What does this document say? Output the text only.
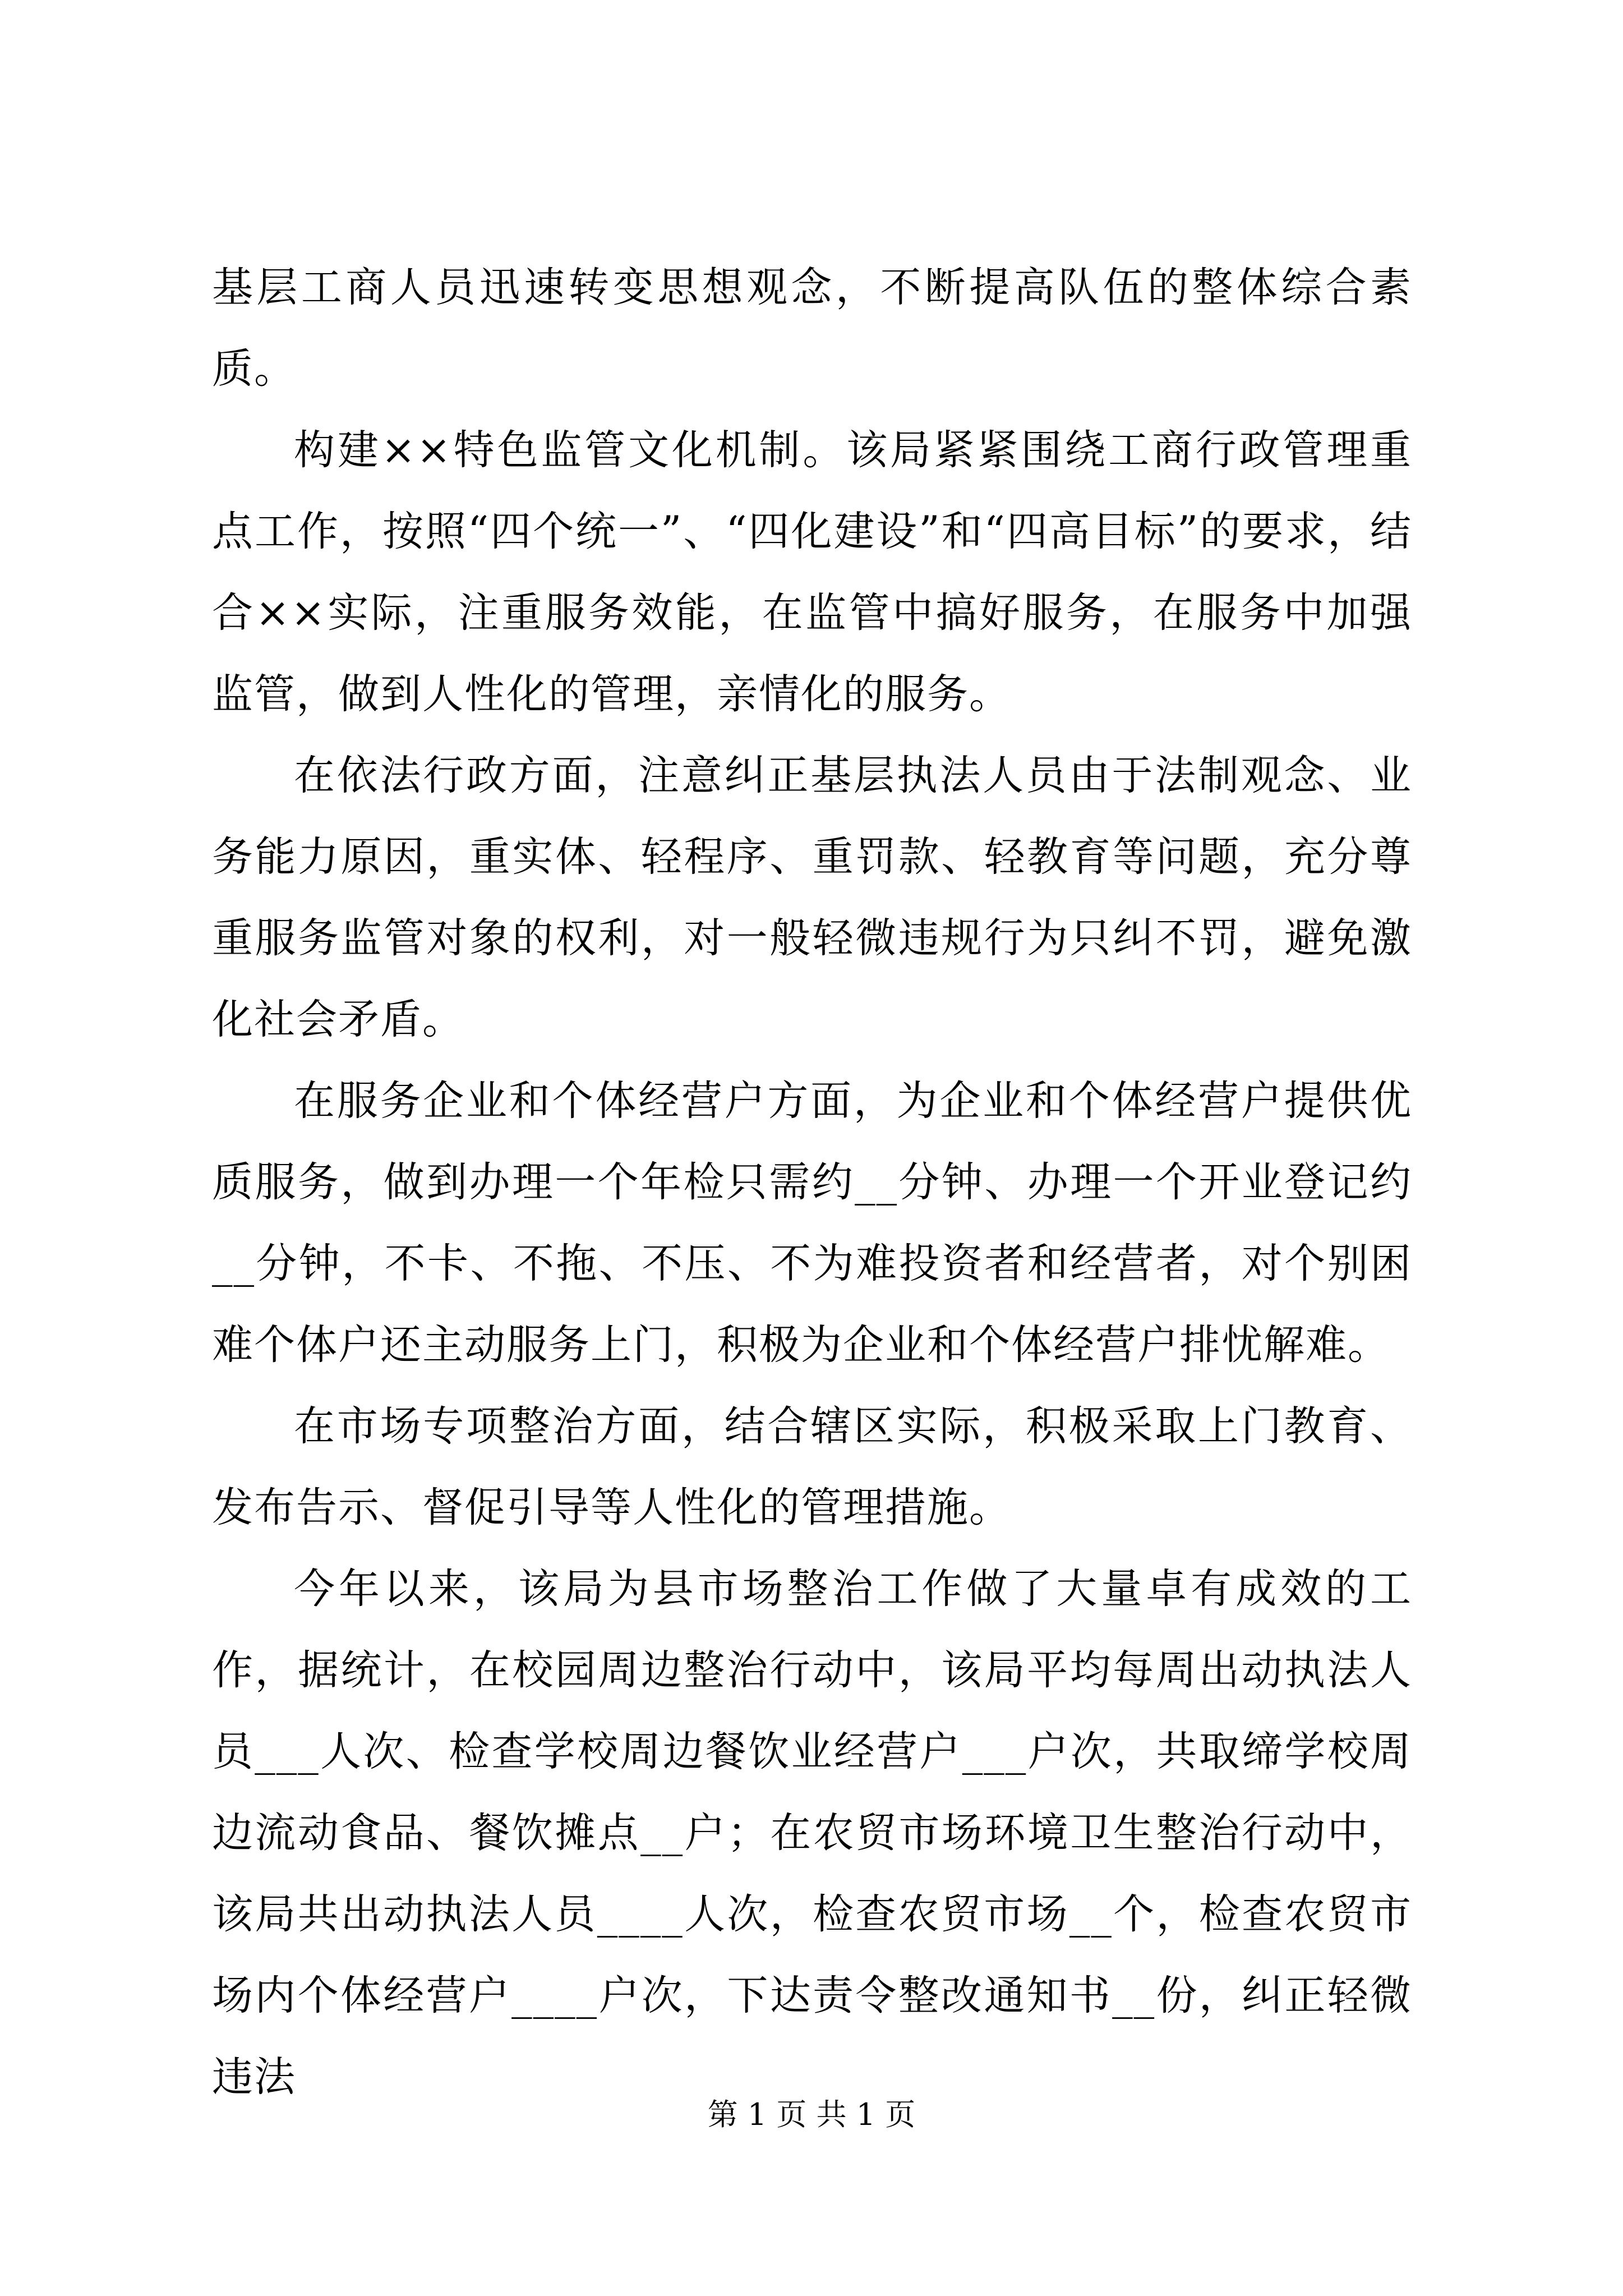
基层工商人员迅速转变思想观念，不断提高队伍的整体综合素质。

构建××特色监管文化机制。该局紧紧围绕工商行政管理重点工作，按照“四个统一”、“四化建设”和“四高目标”的要求，结合××实际，注重服务效能，在监管中搞好服务，在服务中加强监管，做到人性化的管理，亲情化的服务。

在依法行政方面，注意纠正基层执法人员由于法制观念、业务能力原因，重实体、轻程序、重罚款、轻教育等问题，充分尊重服务监管对象的权利，对一般轻微违规行为只纠不罚，避免激化社会矛盾。

在服务企业和个体经营户方面，为企业和个体经营户提供优质服务，做到办理一个年检只需约__分钟、办理一个开业登记约__分钟，不卡、不拖、不压、不为难投资者和经营者，对个别困难个体户还主动服务上门，积极为企业和个体经营户排忧解难。

在市场专项整治方面，结合辖区实际，积极采取上门教育、发布告示、督促引导等人性化的管理措施。

今年以来，该局为县市场整治工作做了大量卓有成效的工作，据统计，在校园周边整治行动中，该局平均每周出动执法人员___人次、检查学校周边餐饮业经营户___户次，共取缔学校周边流动食品、餐饮摊点__户；在农贸市场环境卫生整治行动中，该局共出动执法人员____人次，检查农贸市场__个，检查农贸市场内个体经营户____户次，下达责令整改通知书__份，纠正轻微违法

第 1 页 共 1 页
